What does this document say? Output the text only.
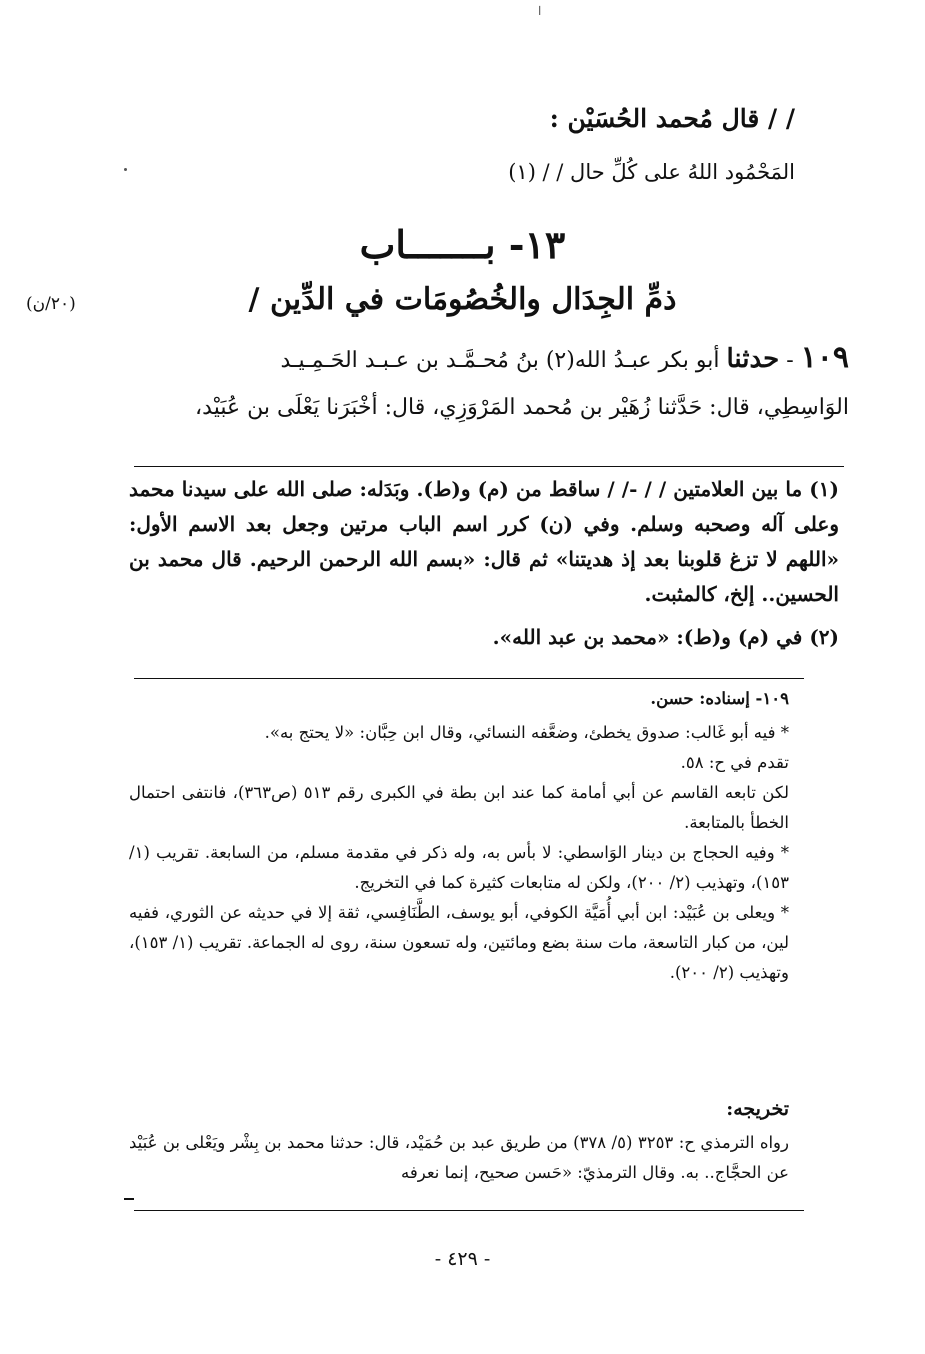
ا
/ / قال مُحمد الحُسَيْن :
المَحْمُود اللهُ على كُلِّ حال / / (١)
١٣- بـــــــاب
ذمِّ الجِدَال والخُصُومَات في الدِّين /
(٢٠/ن)
١٠٩ - حدثنا أبو بكر عبـدُ الله(٢) بنُ مُحـمَّـد بن عـبـد الحَـمِـيـد
الوَاسِطِي، قال: حَدَّثنا زُهَيْر بن مُحمد المَرْوَزِي، قال: أخْبَرَنا يَعْلَى بن عُبَيْد،
(١) ما بين العلامتين / / -/ / ساقط من (م) و(ط). وبَدَله: صلى الله على سيدنا محمد وعلى آله وصحبه وسلم. وفي (ن) كرر اسم الباب مرتين وجعل بعد الاسم الأول: «اللهم لا تزغ قلوبنا بعد إذ هديتنا» ثم قال: «بسم الله الرحمن الرحيم. قال محمد بن الحسين.. إلخ، كالمثبت.
(٢) في (م) و(ط): «محمد بن عبد الله».
١٠٩- إسناده: حسن.
* فيه أبو غَالب: صدوق يخطئ، وضعَّفه النسائي، وقال ابن حِبَّان: «لا يحتج به».
تقدم في ح: ٥٨.
لكن تابعه القاسم عن أبي أمامة كما عند ابن بطة في الكبرى رقم ٥١٣ (ص٣٦٣)، فانتفى احتمال الخطأ بالمتابعة.
* وفيه الحجاج بن دينار الوَاسطي: لا بأس به، وله ذكر في مقدمة مسلم، من السابعة. تقريب (١/ ١٥٣)، وتهذيب (٢/ ٢٠٠)، ولكن له متابعات كثيرة كما في التخريج.
* ويعلى بن عُبَيْد: ابن أبي أُمَيَّة الكوفي، أبو يوسف، الطَّنَافِسي، ثقة إلا في حديثه عن الثوري، ففيه لين، من كبار التاسعة، مات سنة بضع ومائتين، وله تسعون سنة، روى له الجماعة. تقريب (١/ ١٥٣)، وتهذيب (٢/ ٢٠٠).
تخريجه:
رواه الترمذي ح: ٣٢٥٣ (٥/ ٣٧٨) من طريق عبد بن حُمَيْد، قال: حدثنا محمد بن بِشْر ويَعْلى بن عُبَيْد عن الحجَّاج.. به. وقال الترمذيّ: «حَسن صحيح، إنما نعرفه
- ٤٢٩ -
